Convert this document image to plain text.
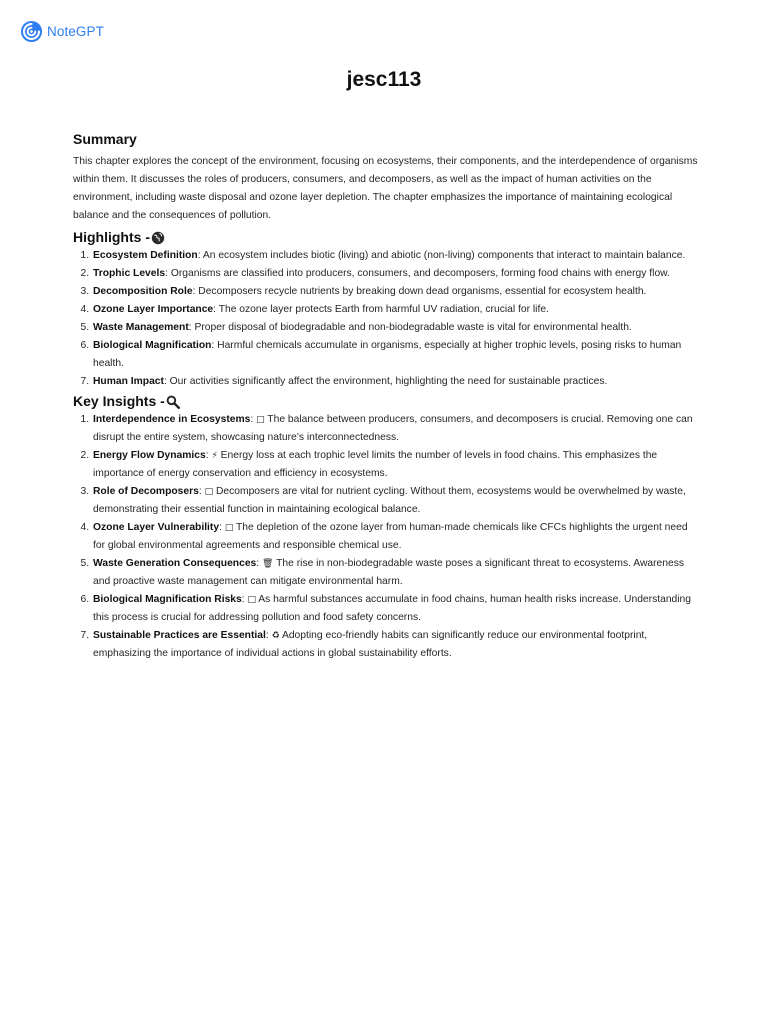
NoteGPT
jesc113
Summary

This chapter explores the concept of the environment, focusing on ecosystems, their components, and the interdependence of organisms within them. It discusses the roles of producers, consumers, and decomposers, as well as the impact of human activities on the environment, including waste disposal and ozone layer depletion. The chapter emphasizes the importance of maintaining ecological balance and the consequences of pollution.

Highlights -
1. Ecosystem Definition: An ecosystem includes biotic (living) and abiotic (non-living) components that interact to maintain balance.
2. Trophic Levels: Organisms are classified into producers, consumers, and decomposers, forming food chains with energy flow.
3. Decomposition Role: Decomposers recycle nutrients by breaking down dead organisms, essential for ecosystem health.
4. Ozone Layer Importance: The ozone layer protects Earth from harmful UV radiation, crucial for life.
5. Waste Management: Proper disposal of biodegradable and non-biodegradable waste is vital for environmental health.
6. Biological Magnification: Harmful chemicals accumulate in organisms, especially at higher trophic levels, posing risks to human health.
7. Human Impact: Our activities significantly affect the environment, highlighting the need for sustainable practices.
Key Insights -
1. Interdependence in Ecosystems: □ The balance between producers, consumers, and decomposers is crucial. Removing one can disrupt the entire system, showcasing nature’s interconnectedness.
2. Energy Flow Dynamics: ⚡ Energy loss at each trophic level limits the number of levels in food chains. This emphasizes the importance of energy conservation and efficiency in ecosystems.
3. Role of Decomposers: □ Decomposers are vital for nutrient cycling. Without them, ecosystems would be overwhelmed by waste, demonstrating their essential function in maintaining ecological balance.
4. Ozone Layer Vulnerability: □ The depletion of the ozone layer from human-made chemicals like CFCs highlights the urgent need for global environmental agreements and responsible chemical use.
5. Waste Generation Consequences: 🗑 The rise in non-biodegradable waste poses a significant threat to ecosystems. Awareness and proactive waste management can mitigate environmental harm.
6. Biological Magnification Risks: □ As harmful substances accumulate in food chains, human health risks increase. Understanding this process is crucial for addressing pollution and food safety concerns.
7. Sustainable Practices are Essential: ♻ Adopting eco-friendly habits can significantly reduce our environmental footprint, emphasizing the importance of individual actions in global sustainability efforts.
